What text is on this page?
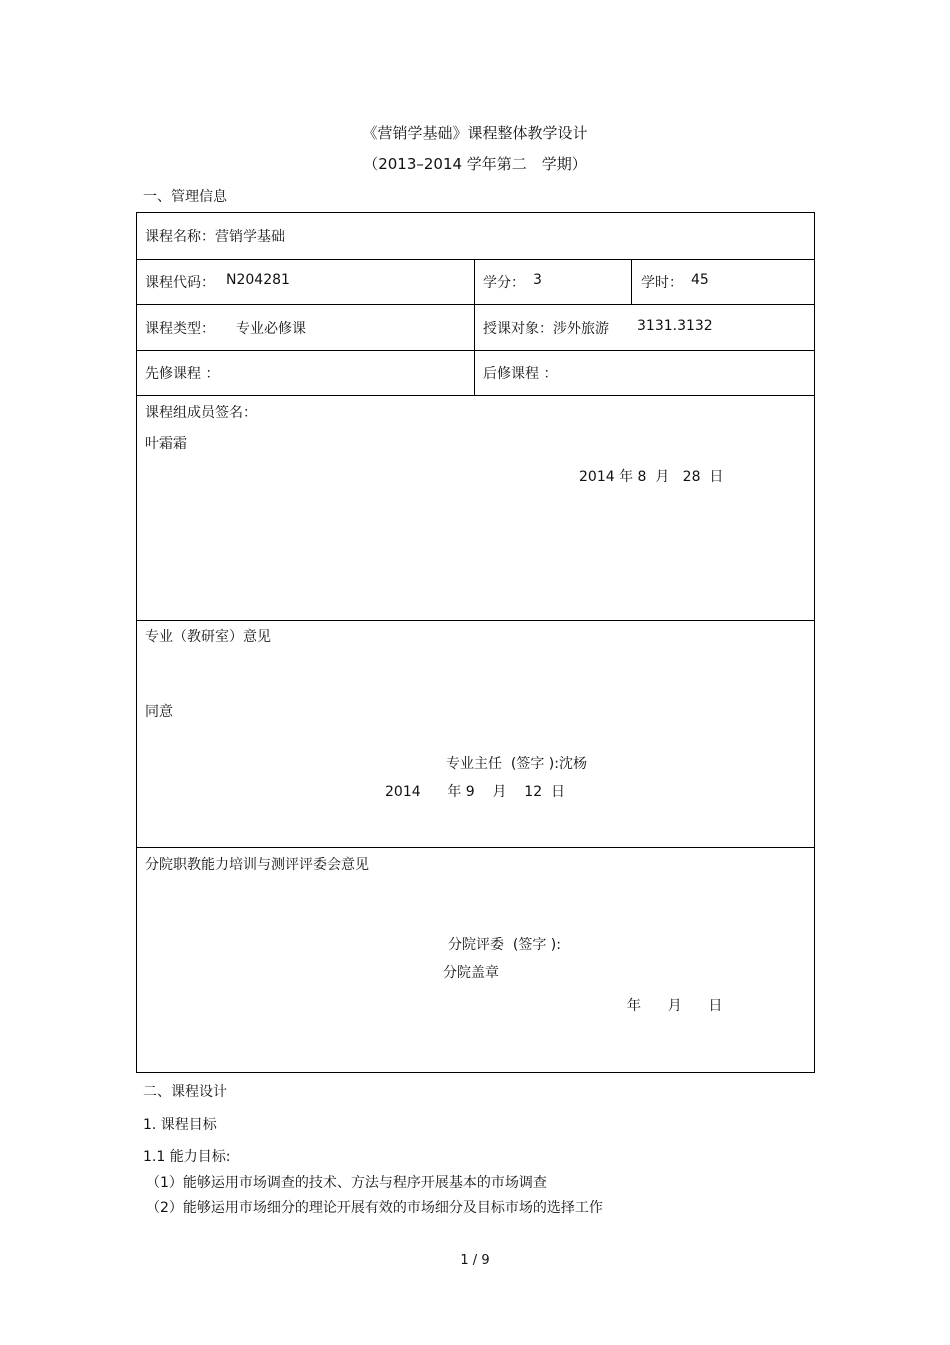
《营销学基础》课程整体教学设计
（2013–2014 学年第二　学期）
一、管理信息
课程名称：营销学基础
课程代码： N204281	学分： 3	学时： 45
课程类型： 专业必修课	授课对象：涉外旅游 3131.3132
先修课程 ：	后修课程 ：
课程组成员签名：
叶霜霜
2014 年 8  月   28  日
专业（教研室）意见
同意
专业主任  (签字 ):沈杨
2014      年 9    月    12  日
分院职教能力培训与测评评委会意见
分院评委  (签字 ):
分院盖章
年      月      日
二、课程设计
1. 课程目标
1.1 能力目标:
（1）能够运用市场调查的技术、方法与程序开展基本的市场调查
（2）能够运用市场细分的理论开展有效的市场细分及目标市场的选择工作
1 / 9
